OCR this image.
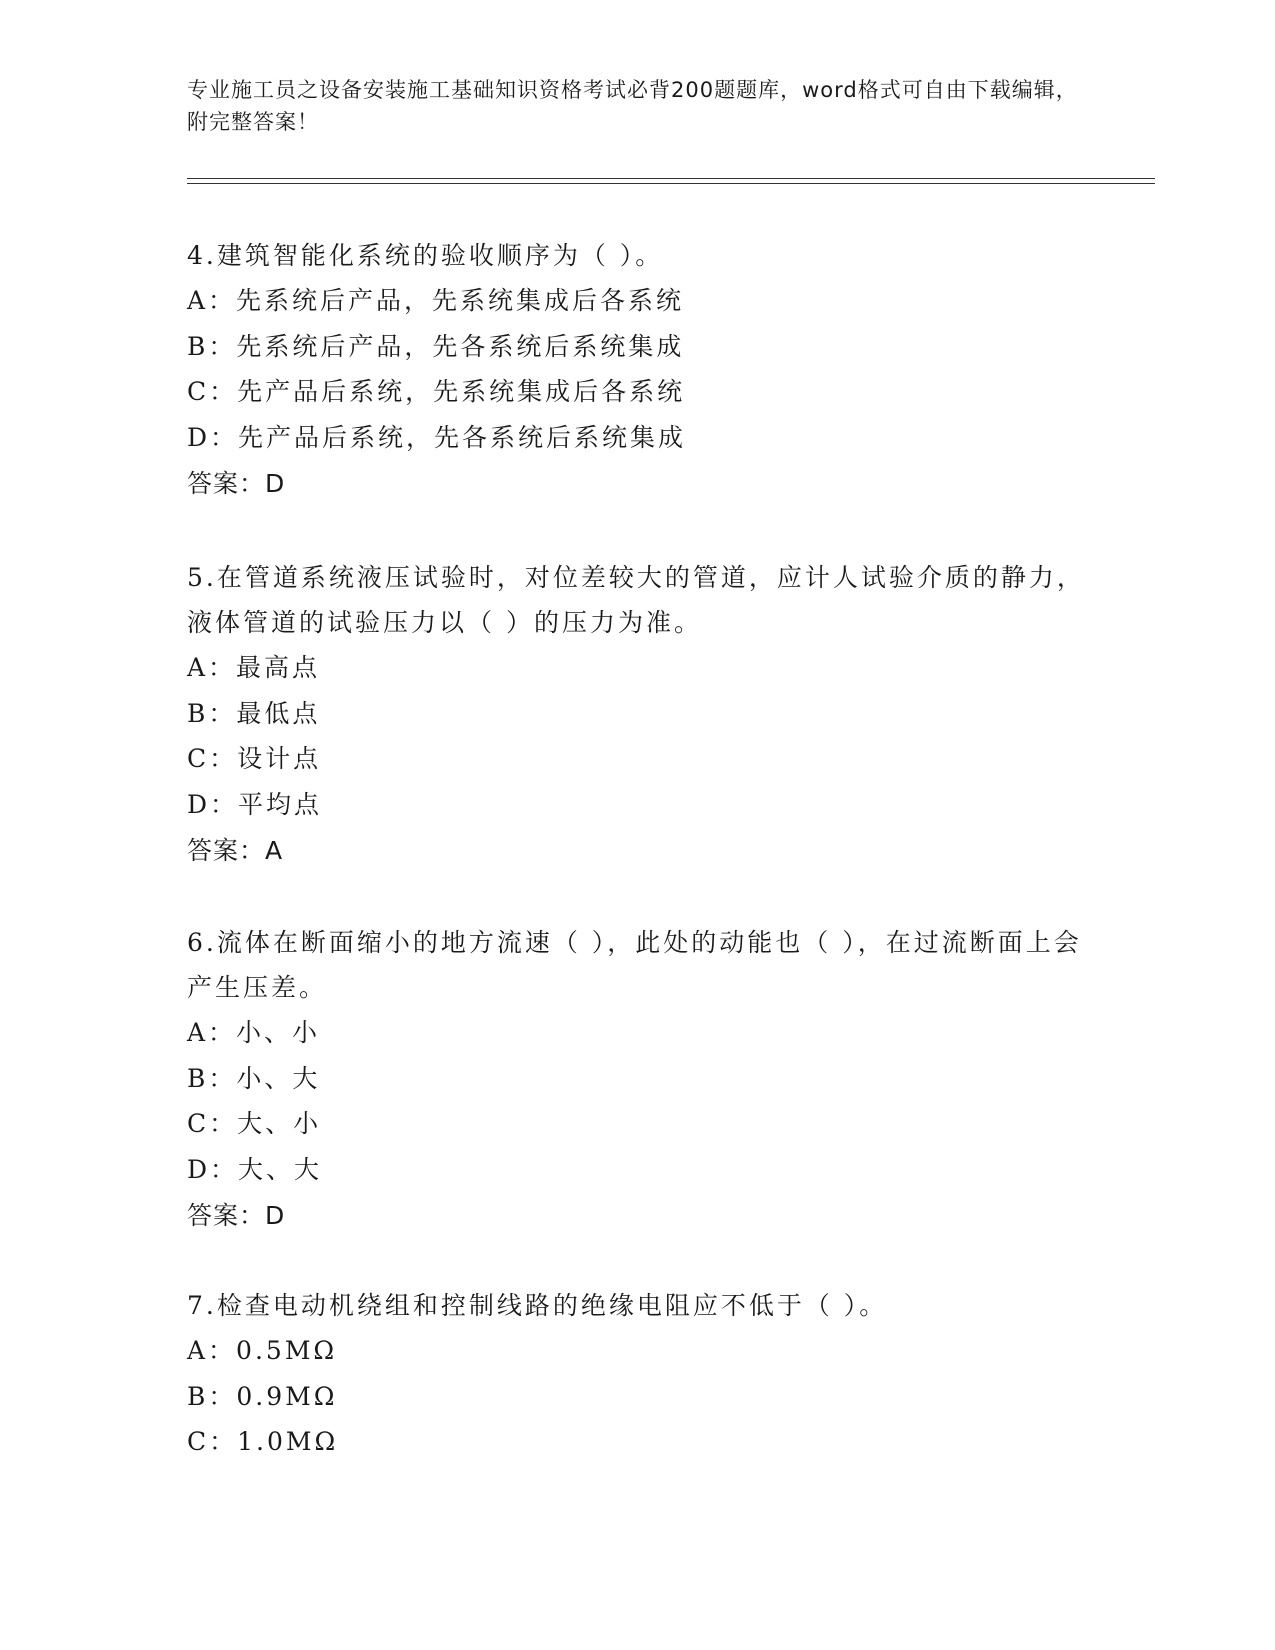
专业施工员之设备安装施工基础知识资格考试必背200题题库，word格式可自由下载编辑，附完整答案！
4.建筑智能化系统的验收顺序为（ ）。
A：先系统后产品，先系统集成后各系统
B：先系统后产品，先各系统后系统集成
C：先产品后系统，先系统集成后各系统
D：先产品后系统，先各系统后系统集成
答案：D
5.在管道系统液压试验时，对位差较大的管道，应计人试验介质的静力，液体管道的试验压力以（ ）的压力为准。
A：最高点
B：最低点
C：设计点
D：平均点
答案：A
6.流体在断面缩小的地方流速（ ），此处的动能也（ ），在过流断面上会产生压差。
A：小、小
B：小、大
C：大、小
D：大、大
答案：D
7.检查电动机绕组和控制线路的绝缘电阻应不低于（ ）。
A：0.5MΩ
B：0.9MΩ
C：1.0MΩ
